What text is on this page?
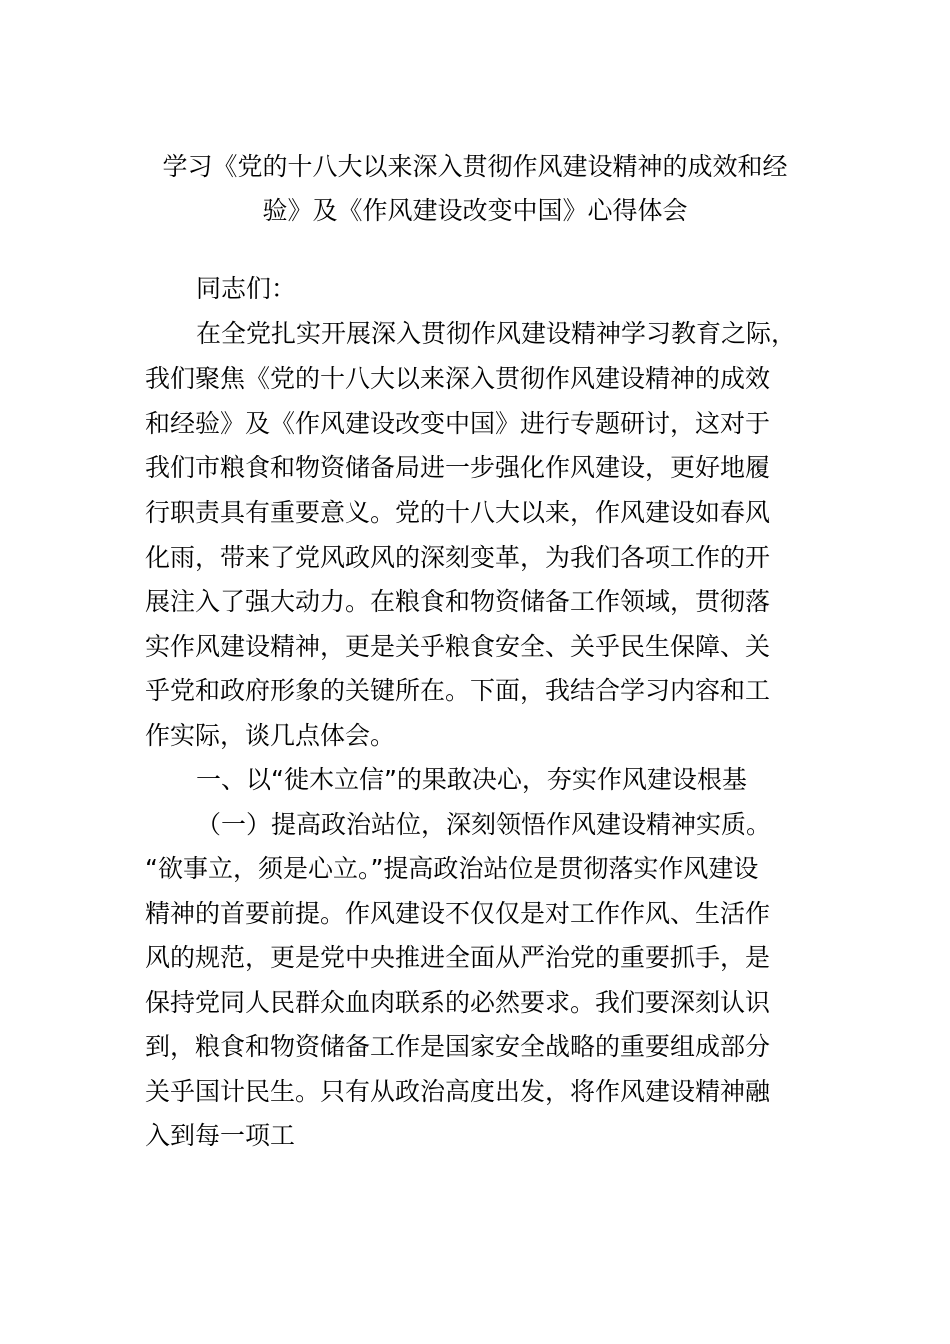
学习《党的十八大以来深入贯彻作风建设精神的成效和经
验》及《作风建设改变中国》心得体会
同志们：
在全党扎实开展深入贯彻作风建设精神学习教育之际，
我们聚焦《党的十八大以来深入贯彻作风建设精神的成效
和经验》及《作风建设改变中国》进行专题研讨，这对于
我们市粮食和物资储备局进一步强化作风建设，更好地履
行职责具有重要意义。党的十八大以来，作风建设如春风
化雨，带来了党风政风的深刻变革，为我们各项工作的开
展注入了强大动力。在粮食和物资储备工作领域，贯彻落
实作风建设精神，更是关乎粮食安全、关乎民生保障、关
乎党和政府形象的关键所在。下面，我结合学习内容和工
作实际，谈几点体会。
一、以“徙木立信”的果敢决心，夯实作风建设根基
（一）提高政治站位，深刻领悟作风建设精神实质。
“欲事立，须是心立。”提高政治站位是贯彻落实作风建设
精神的首要前提。作风建设不仅仅是对工作作风、生活作
风的规范，更是党中央推进全面从严治党的重要抓手，是
保持党同人民群众血肉联系的必然要求。我们要深刻认识
到，粮食和物资储备工作是国家安全战略的重要组成部分
关乎国计民生。只有从政治高度出发，将作风建设精神融
入到每一项工
